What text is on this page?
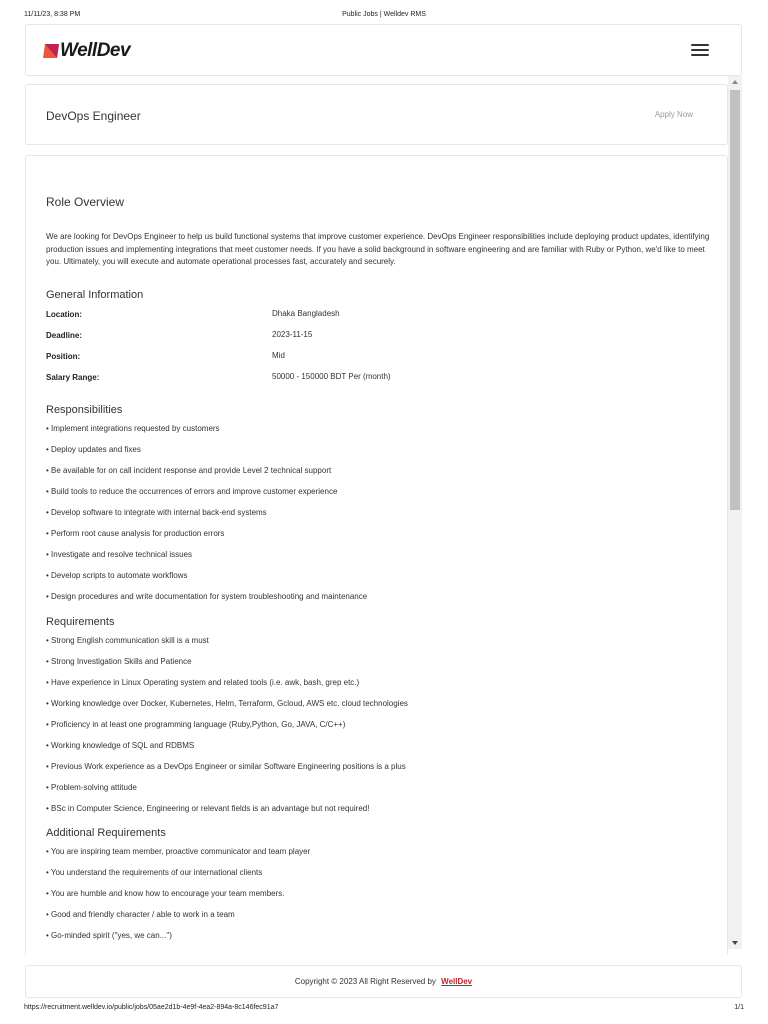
11/11/23, 8:38 PM	Public Jobs | Welldev RMS
WellDev
DevOps Engineer	Apply Now
Role Overview
We are looking for DevOps Engineer to help us build functional systems that improve customer experience. DevOps Engineer responsibilities include deploying product updates, identifying production issues and implementing integrations that meet customer needs. If you have a solid background in software engineering and are familiar with Ruby or Python, we'd like to meet you. Ultimately, you will execute and automate operational processes fast, accurately and securely.
General Information
Location:	Dhaka Bangladesh
Deadline:	2023-11-15
Position:	Mid
Salary Range:	50000 - 150000 BDT Per (month)
Responsibilities
• Implement integrations requested by customers
• Deploy updates and fixes
• Be available for on call incident response and provide Level 2 technical support
• Build tools to reduce the occurrences of errors and improve customer experience
• Develop software to integrate with internal back-end systems
• Perform root cause analysis for production errors
• Investigate and resolve technical issues
• Develop scripts to automate workflows
• Design procedures and write documentation for system troubleshooting and maintenance
Requirements
• Strong English communication skill is a must
• Strong Investigation Skills and Patience
• Have experience in Linux Operating system and related tools (i.e. awk, bash, grep etc.)
• Working knowledge over Docker, Kubernetes, Helm, Terraform, Gcloud, AWS etc. cloud technologies
• Proficiency in at least one programming language (Ruby,Python, Go, JAVA, C/C++)
• Working knowledge of SQL and RDBMS
• Previous Work experience as a DevOps Engineer or similar Software Engineering positions is a plus
• Problem-solving attitude
• BSc in Computer Science, Engineering or relevant fields is an advantage but not required!
Additional Requirements
• You are inspiring team member, proactive communicator and team player
• You understand the requirements of our international clients
• You are humble and know how to encourage your team members.
• Good and friendly character / able to work in a team
• Go-minded spirit ("yes, we can...")
Copyright © 2023 All Right Reserved by WellDev
https://recruitment.welldev.io/public/jobs/05ae2d1b-4e9f-4ea2-894a-8c146fec91a7	1/1
